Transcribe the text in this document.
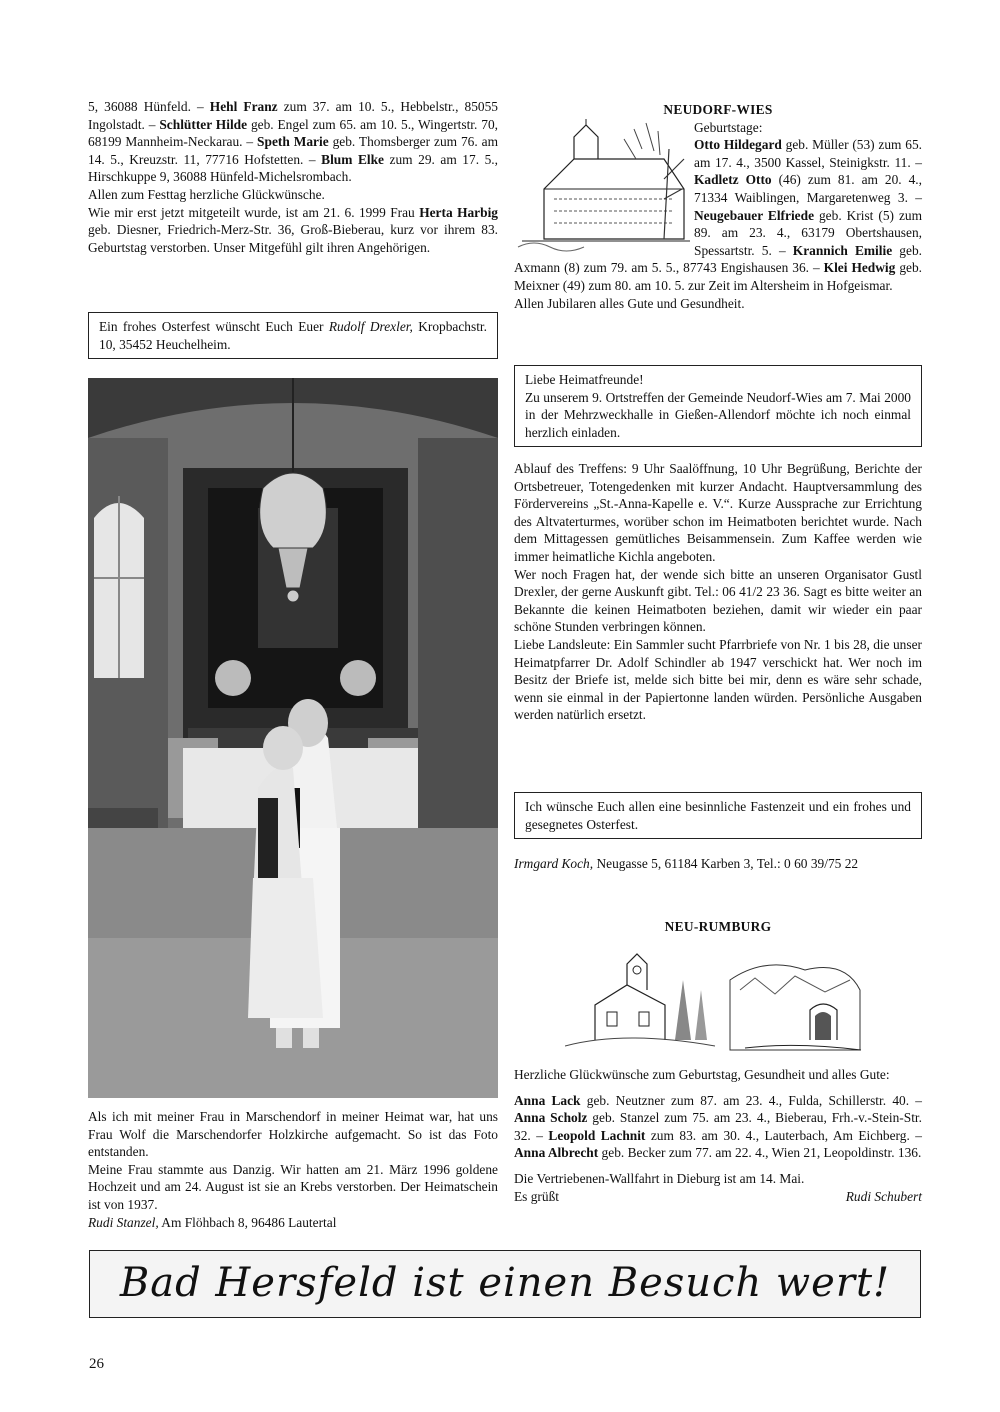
5, 36088 Hünfeld. – Hehl Franz zum 37. am 10. 5., Hebbelstr., 85055 Ingolstadt. – Schlütter Hilde geb. Engel zum 65. am 10. 5., Wingertstr. 70, 68199 Mannheim-Neckarau. – Speth Marie geb. Thomsberger zum 76. am 14. 5., Kreuzstr. 11, 77716 Hofstetten. – Blum Elke zum 29. am 17. 5., Hirschkuppe 9, 36088 Hünfeld-Michelsrombach.

Allen zum Festtag herzliche Glückwünsche.

Wie mir erst jetzt mitgeteilt wurde, ist am 21. 6. 1999 Frau Herta Harbig geb. Diesner, Friedrich-Merz-Str. 36, Groß-Bieberau, kurz vor ihrem 83. Geburtstag verstorben. Unser Mitgefühl gilt ihren Angehörigen.

Ein frohes Osterfest wünscht Euch Euer Rudolf Drexler, Kropbachstr. 10, 35452 Heuchelheim.

Als ich mit meiner Frau in Marschendorf in meiner Heimat war, hat uns Frau Wolf die Marschendorfer Holzkirche aufgemacht. So ist das Foto entstanden.

Meine Frau stammte aus Danzig. Wir hatten am 21. März 1996 goldene Hochzeit und am 24. August ist sie an Krebs verstorben. Der Heimatschein ist von 1937.

Rudi Stanzel, Am Flöhbach 8, 96486 Lautertal

NEUDORF-WIES

Geburtstage:

Otto Hildegard geb. Müller (53) zum 65. am 17. 4., 3500 Kassel, Steinigkstr. 11. – Kadletz Otto (46) zum 81. am 20. 4., 71334 Waiblingen, Margaretenweg 3. – Neugebauer Elfriede geb. Krist (5) zum 89. am 23. 4., 63179 Obertshausen, Spessartstr. 5. – Krannich Emilie geb. Axmann (8) zum 79. am 5. 5., 87743 Engishausen 36. – Klei Hedwig geb. Meixner (49) zum 80. am 10. 5. zur Zeit im Altersheim in Hofgeismar.

Allen Jubilaren alles Gute und Gesundheit.

Liebe Heimatfreunde!

Zu unserem 9. Ortstreffen der Gemeinde Neudorf-Wies am 7. Mai 2000 in der Mehrzweckhalle in Gießen-Allendorf möchte ich noch einmal herzlich einladen.

Ablauf des Treffens: 9 Uhr Saalöffnung, 10 Uhr Begrüßung, Berichte der Ortsbetreuer, Totengedenken mit kurzer Andacht. Hauptversammlung des Fördervereins „St.-Anna-Kapelle e. V.“. Kurze Aussprache zur Errichtung des Altvaterturmes, worüber schon im Heimatboten berichtet wurde. Nach dem Mittagessen gemütliches Beisammensein. Zum Kaffee werden wie immer heimatliche Kichla angeboten.

Wer noch Fragen hat, der wende sich bitte an unseren Organisator Gustl Drexler, der gerne Auskunft gibt. Tel.: 06 41/2 23 36. Sagt es bitte weiter an Bekannte die keinen Heimatboten beziehen, damit wir wieder ein paar schöne Stunden verbringen können.

Liebe Landsleute: Ein Sammler sucht Pfarrbriefe von Nr. 1 bis 28, die unser Heimatpfarrer Dr. Adolf Schindler ab 1947 verschickt hat. Wer noch im Besitz der Briefe ist, melde sich bitte bei mir, denn es wäre sehr schade, wenn sie einmal in der Papiertonne landen würden. Persönliche Ausgaben werden natürlich ersetzt.

Ich wünsche Euch allen eine besinnliche Fastenzeit und ein frohes und gesegnetes Osterfest.

Irmgard Koch, Neugasse 5, 61184 Karben 3, Tel.: 0 60 39/75 22

NEU-RUMBURG

Herzliche Glückwünsche zum Geburtstag, Gesundheit und alles Gute:

Anna Lack geb. Neutzner zum 87. am 23. 4., Fulda, Schillerstr. 40. – Anna Scholz geb. Stanzel zum 75. am 23. 4., Bieberau, Frh.-v.-Stein-Str. 32. – Leopold Lachnit zum 83. am 30. 4., Lauterbach, Am Eichberg. – Anna Albrecht geb. Becker zum 77. am 22. 4., Wien 21, Leopoldinstr. 136.

Die Vertriebenen-Wallfahrt in Dieburg ist am 14. Mai.

Es grüßt	Rudi Schubert
Bad Hersfeld ist einen Besuch wert!
26
